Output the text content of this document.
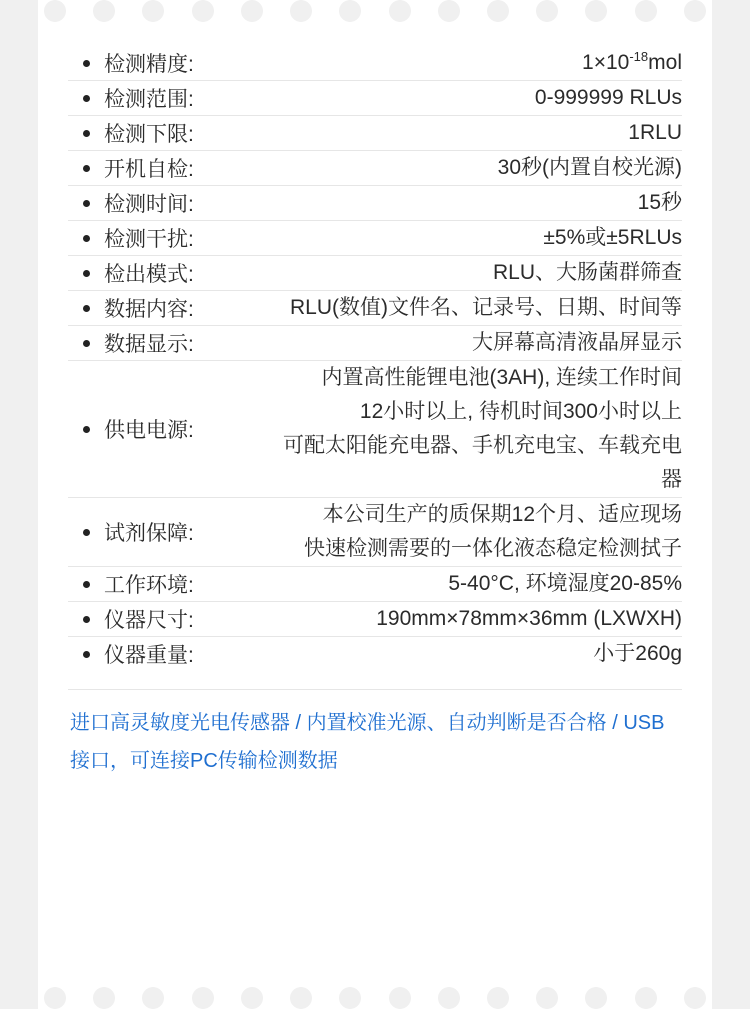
	检测精度:	$1\times 10^{-18}mol$

	检测范围:	0-999999 RLUs

	检测下限:	1RLU

	开机自检:	30秒(内置自校光源)

	检测时间:	15秒

	检测干扰:	±5%或±5RLUs

	检出模式:	RLU、大肠菌群筛查

	数据内容:	RLU(数值)文件名、记录号、日期、时间等

	数据显示:	大屏幕高清液晶屏显示

	供电电源:	内置高性能锂电池(3AH), 连续工作时间
12小时以上, 待机时间300小时以上
可配太阳能充电器、手机充电宝、车载充电器

	试剂保障:	本公司生产的质保期12个月、适应现场
快速检测需要的一体化液态稳定检测拭子

	工作环境:	5-40°C, 环境湿度20-85%

	仪器尺寸:	190mm×78mm×36mm (LXWXH)

	仪器重量:	小于260g
进口高灵敏度光电传感器 / 内置校准光源、自动判断是否合格 / USB接口，可连接PC传输检测数据
